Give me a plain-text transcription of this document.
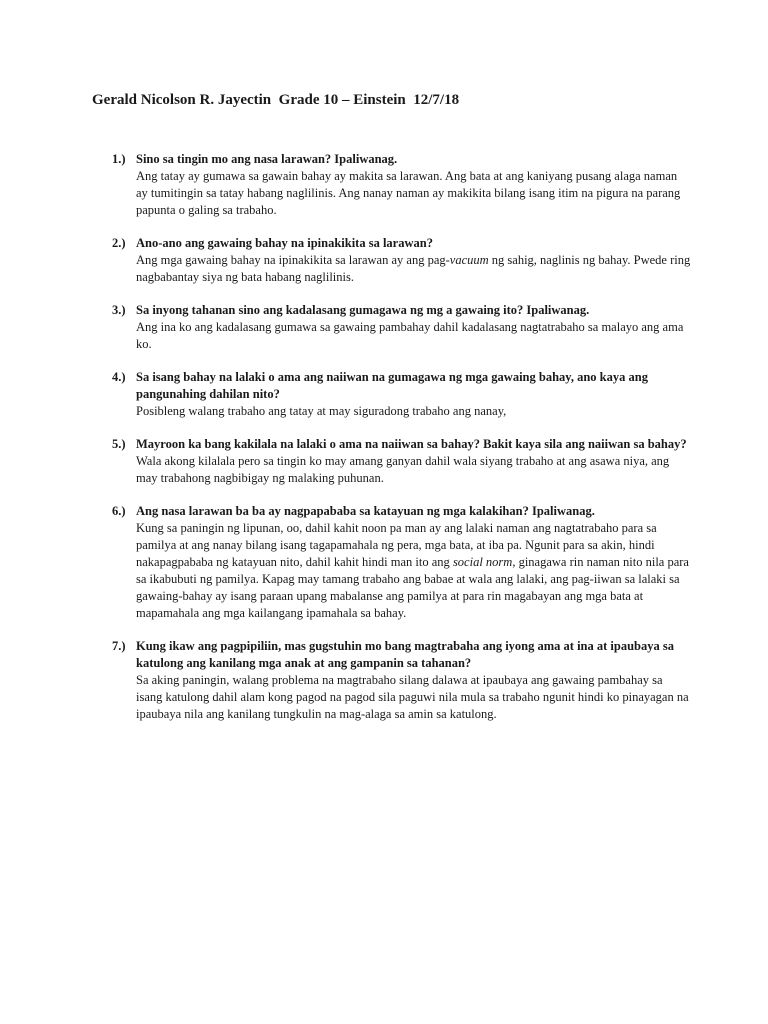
Gerald Nicolson R. Jayectin  Grade 10 – Einstein  12/7/18
1.) Sino sa tingin mo ang nasa larawan? Ipaliwanag.
Ang tatay ay gumawa sa gawain bahay ay makita sa larawan. Ang bata at ang kaniyang pusang alaga naman ay tumitingin sa tatay habang naglilinis. Ang nanay naman ay makikita bilang isang itim na pigura na parang papunta o galing sa trabaho.
2.) Ano-ano ang gawaing bahay na ipinakikita sa larawan?
Ang mga gawaing bahay na ipinakikita sa larawan ay ang pag-vacuum ng sahig, naglinis ng bahay. Pwede ring nagbabantay siya ng bata habang naglilinis.
3.) Sa inyong tahanan sino ang kadalasang gumagawa ng mg a gawaing ito? Ipaliwanag.
Ang ina ko ang kadalasang gumawa sa gawaing pambahay dahil kadalasang nagtatrabaho sa malayo ang ama ko.
4.) Sa isang bahay na lalaki o ama ang naiiwan na gumagawa ng mga gawaing bahay, ano kaya ang pangunahing dahilan nito?
Posibleng walang trabaho ang tatay at may siguradong trabaho ang nanay,
5.) Mayroon ka bang kakilala na lalaki o ama na naiiwan sa bahay? Bakit kaya sila ang naiiwan sa bahay?
Wala akong kilalala pero sa tingin ko may amang ganyan dahil wala siyang trabaho at ang asawa niya, ang may trabahong nagbibigay ng malaking puhunan.
6.) Ang nasa larawan ba ba ay nagpapababa sa katayuan ng mga kalakihan? Ipaliwanag.
Kung sa paningin ng lipunan, oo, dahil kahit noon pa man ay ang lalaki naman ang nagtatrabaho para sa pamilya at ang nanay bilang isang tagapamahala ng pera, mga bata, at iba pa. Ngunit para sa akin, hindi nakapagpababa ng katayuan nito, dahil kahit hindi man ito ang social norm, ginagawa rin naman nito nila para sa ikabubuti ng pamilya. Kapag may tamang trabaho ang babae at wala ang lalaki, ang pag-iiwan sa lalaki sa gawaing-bahay ay isang paraan upang mabalanse ang pamilya at para rin magabayan ang mga bata at mapamahala ang mga kailangang ipamahala sa bahay.
7.) Kung ikaw ang pagpipiliin, mas gugstuhin mo bang magtrabaha ang iyong ama at ina at ipaubaya sa katulong ang kanilang mga anak at ang gampanin sa tahanan?
Sa aking paningin, walang problema na magtrabaho silang dalawa at ipaubaya ang gawaing pambahay sa isang katulong dahil alam kong pagod na pagod sila paguwi nila mula sa trabaho ngunit hindi ko pinayagan na ipaubaya nila ang kanilang tungkulin na mag-alaga sa amin sa katulong.
